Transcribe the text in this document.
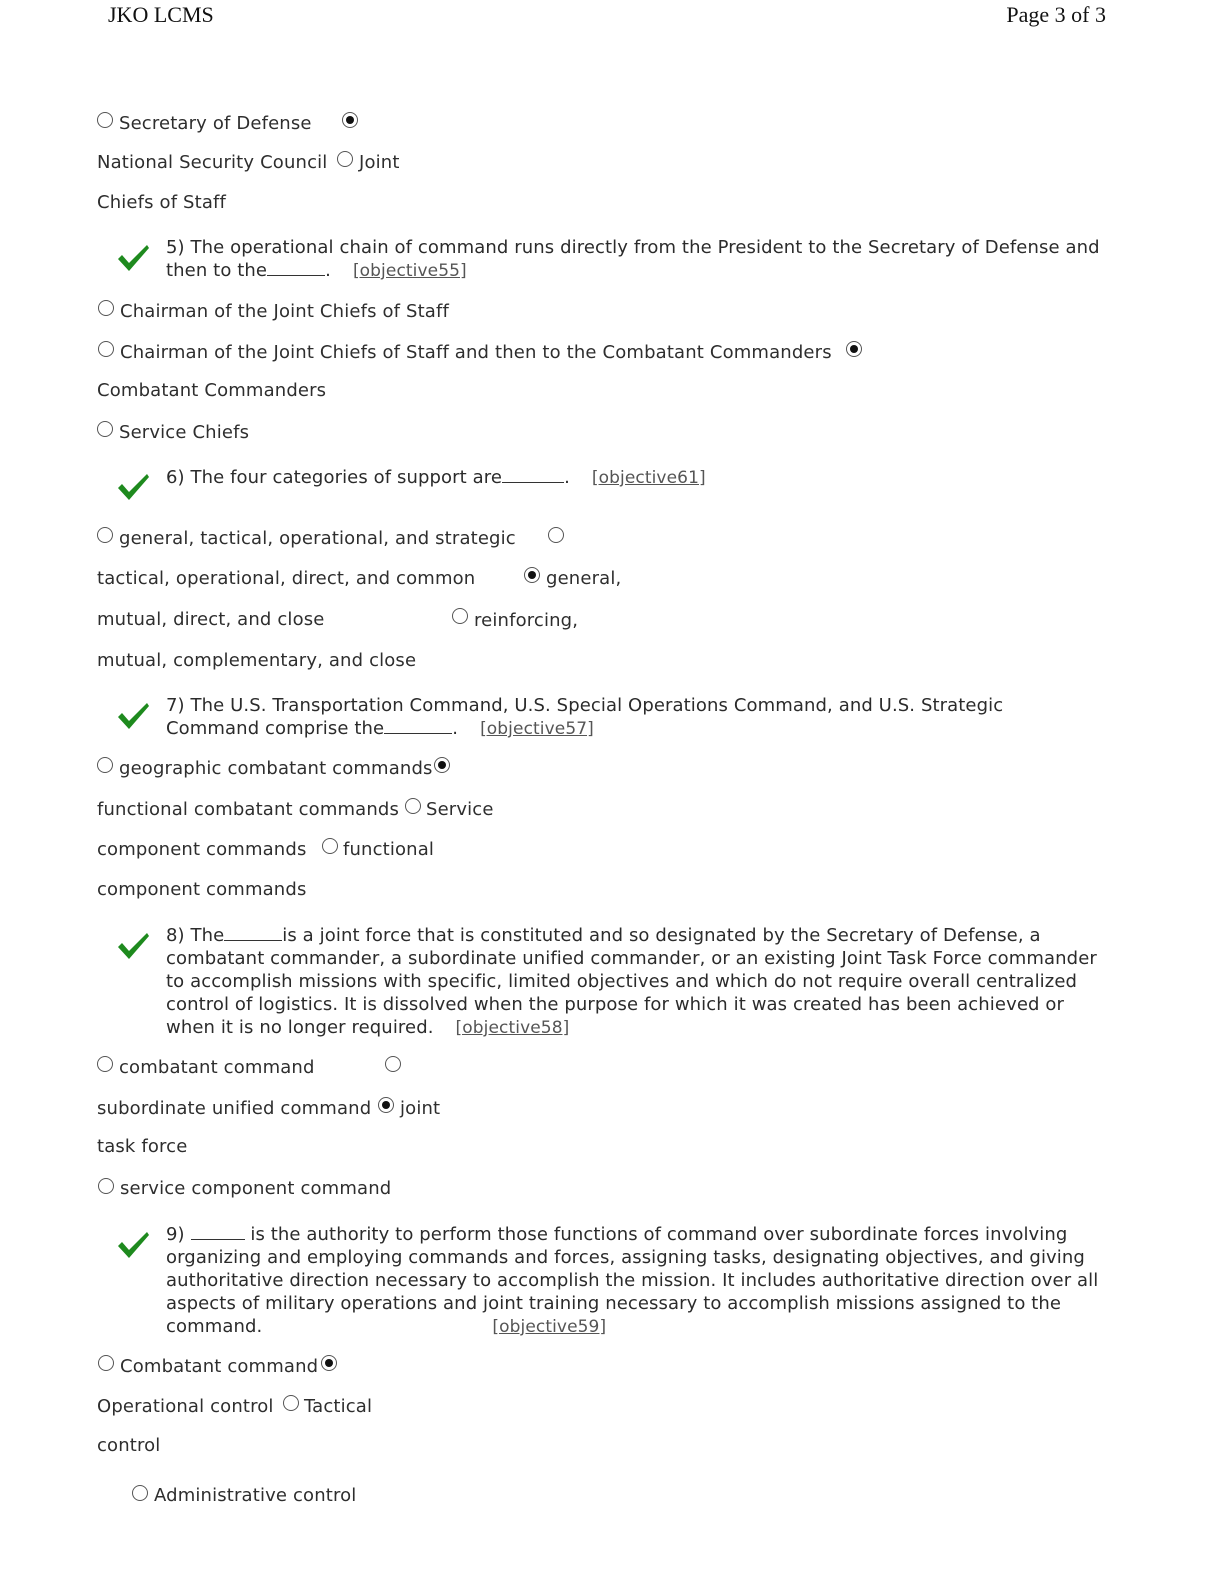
JKO LCMS	Page 3 of 3
Secretary of Defense
National Security Council Joint
Chiefs of Staff
5) The operational chain of command runs directly from the President to the Secretary of Defense and then to the	. [objective55]
Chairman of the Joint Chiefs of Staff
Chairman of the Joint Chiefs of Staff and then to the Combatant Commanders
Combatant Commanders
Service Chiefs
6) The four categories of support are	. [objective61]
general, tactical, operational, and strategic
tactical, operational, direct, and common	general,
mutual, direct, and close	reinforcing,
mutual, complementary, and close
7) The U.S. Transportation Command, U.S. Special Operations Command, and U.S. Strategic Command comprise the	. [objective57]
geographic combatant commands
functional combatant commands Service
component commands functional
component commands
8) The	is a joint force that is constituted and so designated by the Secretary of Defense, a combatant commander, a subordinate unified commander, or an existing Joint Task Force commander to accomplish missions with specific, limited objectives and which do not require overall centralized control of logistics. It is dissolved when the purpose for which it was created has been achieved or when it is no longer required. [objective58]
combatant command
subordinate unified command joint
task force
service component command
9)	is the authority to perform those functions of command over subordinate forces involving organizing and employing commands and forces, assigning tasks, designating objectives, and giving authoritative direction necessary to accomplish the mission. It includes authoritative direction over all aspects of military operations and joint training necessary to accomplish missions assigned to the command.	[objective59]
Combatant command
Operational control Tactical
control
Administrative control
